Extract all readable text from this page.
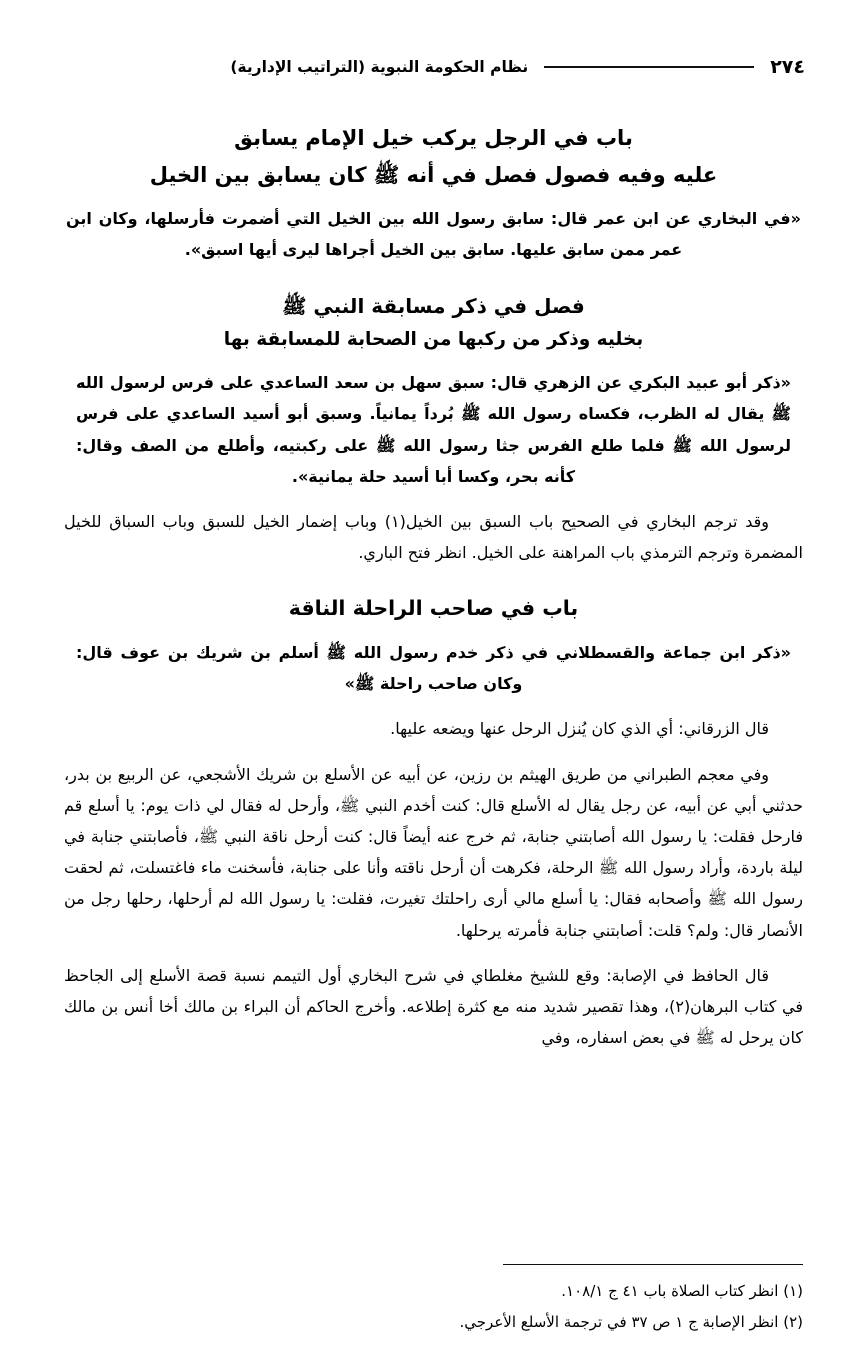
٢٧٤
نظام الحكومة النبوية (التراتيب الإدارية)
باب في الرجل يركب خيل الإمام يسابق
عليه وفيه فصول فصل في أنه ﷺ كان يسابق بين الخيل

«في البخاري عن ابن عمر قال: سابق رسول الله بين الخيل التي أضمرت فأرسلها، وكان ابن عمر ممن سابق عليها. سابق بين الخيل أجراها ليرى أيها اسبق».

فصل في ذكر مسابقة النبي ﷺ
بخليه وذكر من ركبها من الصحابة للمسابقة بها

«ذكر أبو عبيد البكري عن الزهري قال: سبق سهل بن سعد الساعدي على فرس لرسول الله ﷺ يقال له الظرب، فكساه رسول الله ﷺ بُرداً يمانياً. وسبق أبو أسيد الساعدي على فرس لرسول الله ﷺ فلما طلع الفرس جثا رسول الله ﷺ على ركبتيه، وأطلع من الصف وقال: كأنه بحر، وكسا أبا أسيد حلة يمانية».

وقد ترجم البخاري في الصحيح باب السبق بين الخيل(١) وباب إضمار الخيل للسبق وباب السباق للخيل المضمرة وترجم الترمذي باب المراهنة على الخيل. انظر فتح الباري.

باب في صاحب الراحلة الناقة

«ذكر ابن جماعة والقسطلاني في ذكر خدم رسول الله ﷺ أسلم بن شريك بن عوف قال: وكان صاحب راحلة ﷺ»

قال الزرقاني: أي الذي كان يُنزل الرحل عنها ويضعه عليها.

وفي معجم الطبراني من طريق الهيثم بن رزين، عن أبيه عن الأسلع بن شريك الأشجعي، عن الربيع بن بدر، حدثني أبي عن أبيه، عن رجل يقال له الأسلع قال: كنت أخدم النبي ﷺ، وأرحل له فقال لي ذات يوم: يا أسلع قم فارحل فقلت: يا رسول الله أصابتني جنابة، ثم خرج عنه أيضاً قال: كنت أرحل ناقة النبي ﷺ، فأصابتني جنابة في ليلة باردة، وأراد رسول الله ﷺ الرحلة، فكرهت أن أرحل ناقته وأنا على جنابة، فأسخنت ماء فاغتسلت، ثم لحقت رسول الله ﷺ وأصحابه فقال: يا أسلع مالي أرى راحلتك تغيرت، فقلت: يا رسول الله لم أرحلها، رحلها رجل من الأنصار قال: ولم؟ قلت: أصابتني جنابة فأمرته يرحلها.

قال الحافظ في الإصابة: وقع للشيخ مغلطاي في شرح البخاري أول التيمم نسبة قصة الأسلع إلى الجاحظ في كتاب البرهان(٢)، وهذا تقصير شديد منه مع كثرة إطلاعه. وأخرج الحاكم أن البراء بن مالك أخا أنس بن مالك كان يرحل له ﷺ في بعض اسفاره، وفي

(١) انظر كتاب الصلاة باب ٤١ ج ١٠٨/١.

(٢) انظر الإصابة ج ١ ص ٣٧ في ترجمة الأسلع الأعرجي.
